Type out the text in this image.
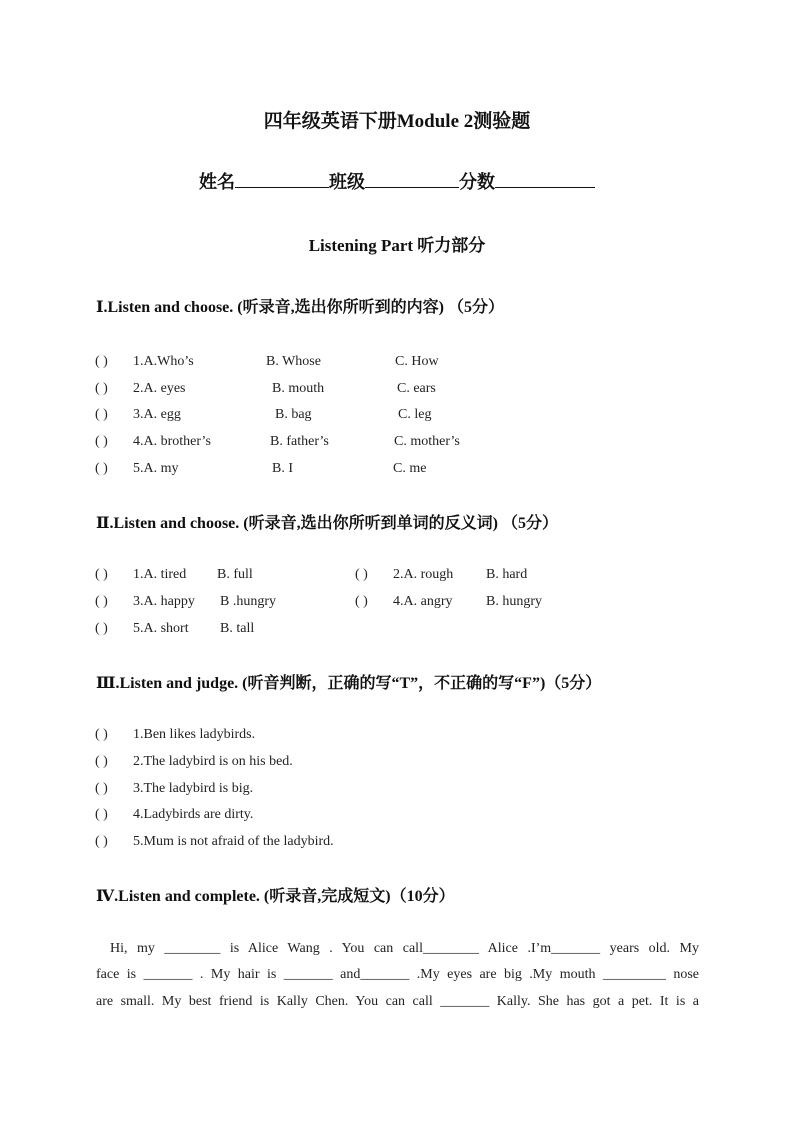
四年级英语下册Module 2测验题
姓名	班级	分数
Listening Part 听力部分
Ⅰ.Listen and choose. (听录音,选出你所听到的内容) （5分）
( ) 1.A.Who’s	B. Whose	C. How
( ) 2.A. eyes	B. mouth	C. ears
( ) 3.A. egg	B. bag	C. leg
( ) 4.A. brother’s	B. father’s	C. mother’s
( ) 5.A. my	B. I	C. me
Ⅱ.Listen and choose. (听录音,选出你所听到单词的反义词) （5分）
( ) 1.A. tired B. full	( ) 2.A. rough B. hard
( ) 3.A. happy B .hungry	( ) 4.A. angry B. hungry
( ) 5.A. short B. tall
Ⅲ.Listen and judge. (听音判断，正确的写“T”，不正确的写“F”)（5分）
( ) 1.Ben likes ladybirds.
( ) 2.The ladybird is on his bed.
( ) 3.The ladybird is big.
( ) 4.Ladybirds are dirty.
( ) 5.Mum is not afraid of the ladybird.
Ⅳ.Listen and complete. (听录音,完成短文)（10分）
Hi, my ________ is Alice Wang . You can call________ Alice .I’m_______ years old. My
face is _______ . My hair is _______ and_______ .My eyes are big .My mouth _________ nose
are small. My best friend is Kally Chen. You can call _______ Kally. She has got a pet. It is a
